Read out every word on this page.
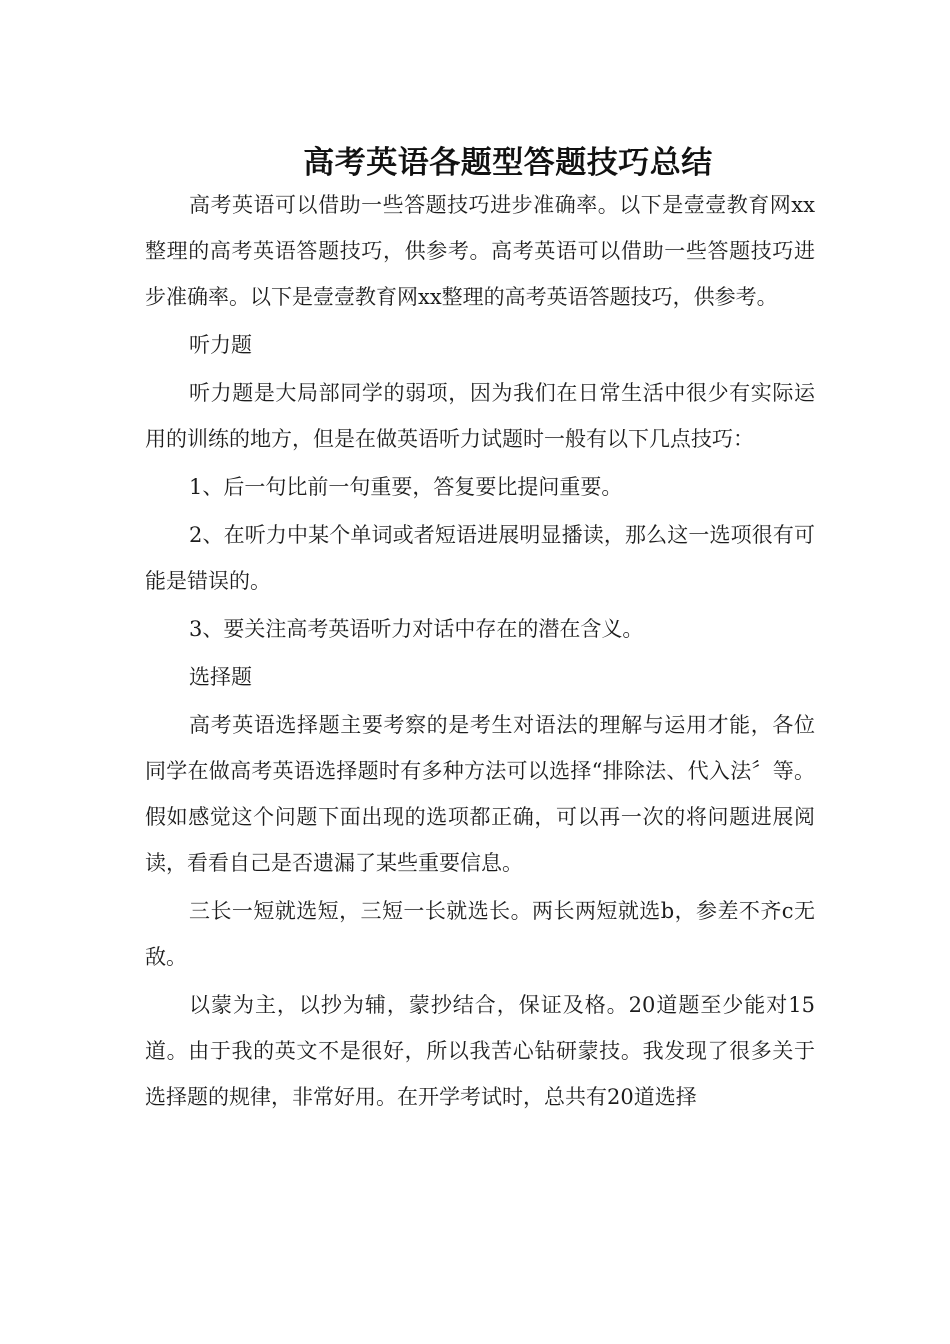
高考英语各题型答题技巧总结

高考英语可以借助一些答题技巧进步准确率。以下是壹壹教育网xx整理的高考英语答题技巧，供参考。高考英语可以借助一些答题技巧进步准确率。以下是壹壹教育网xx整理的高考英语答题技巧，供参考。

听力题

听力题是大局部同学的弱项，因为我们在日常生活中很少有实际运用的训练的地方，但是在做英语听力试题时一般有以下几点技巧：

1、后一句比前一句重要，答复要比提问重要。

2、在听力中某个单词或者短语进展明显播读，那么这一选项很有可能是错误的。

3、要关注高考英语听力对话中存在的潜在含义。

选择题

高考英语选择题主要考察的是考生对语法的理解与运用才能，各位同学在做高考英语选择题时有多种方法可以选择“排除法、代入法〞等。假如感觉这个问题下面出现的选项都正确，可以再一次的将问题进展阅读，看看自己是否遗漏了某些重要信息。

三长一短就选短，三短一长就选长。两长两短就选b，参差不齐c无敌。

以蒙为主，以抄为辅，蒙抄结合，保证及格。20道题至少能对15道。由于我的英文不是很好，所以我苦心钻研蒙技。我发现了很多关于选择题的规律，非常好用。在开学考试时，总共有20道选择
